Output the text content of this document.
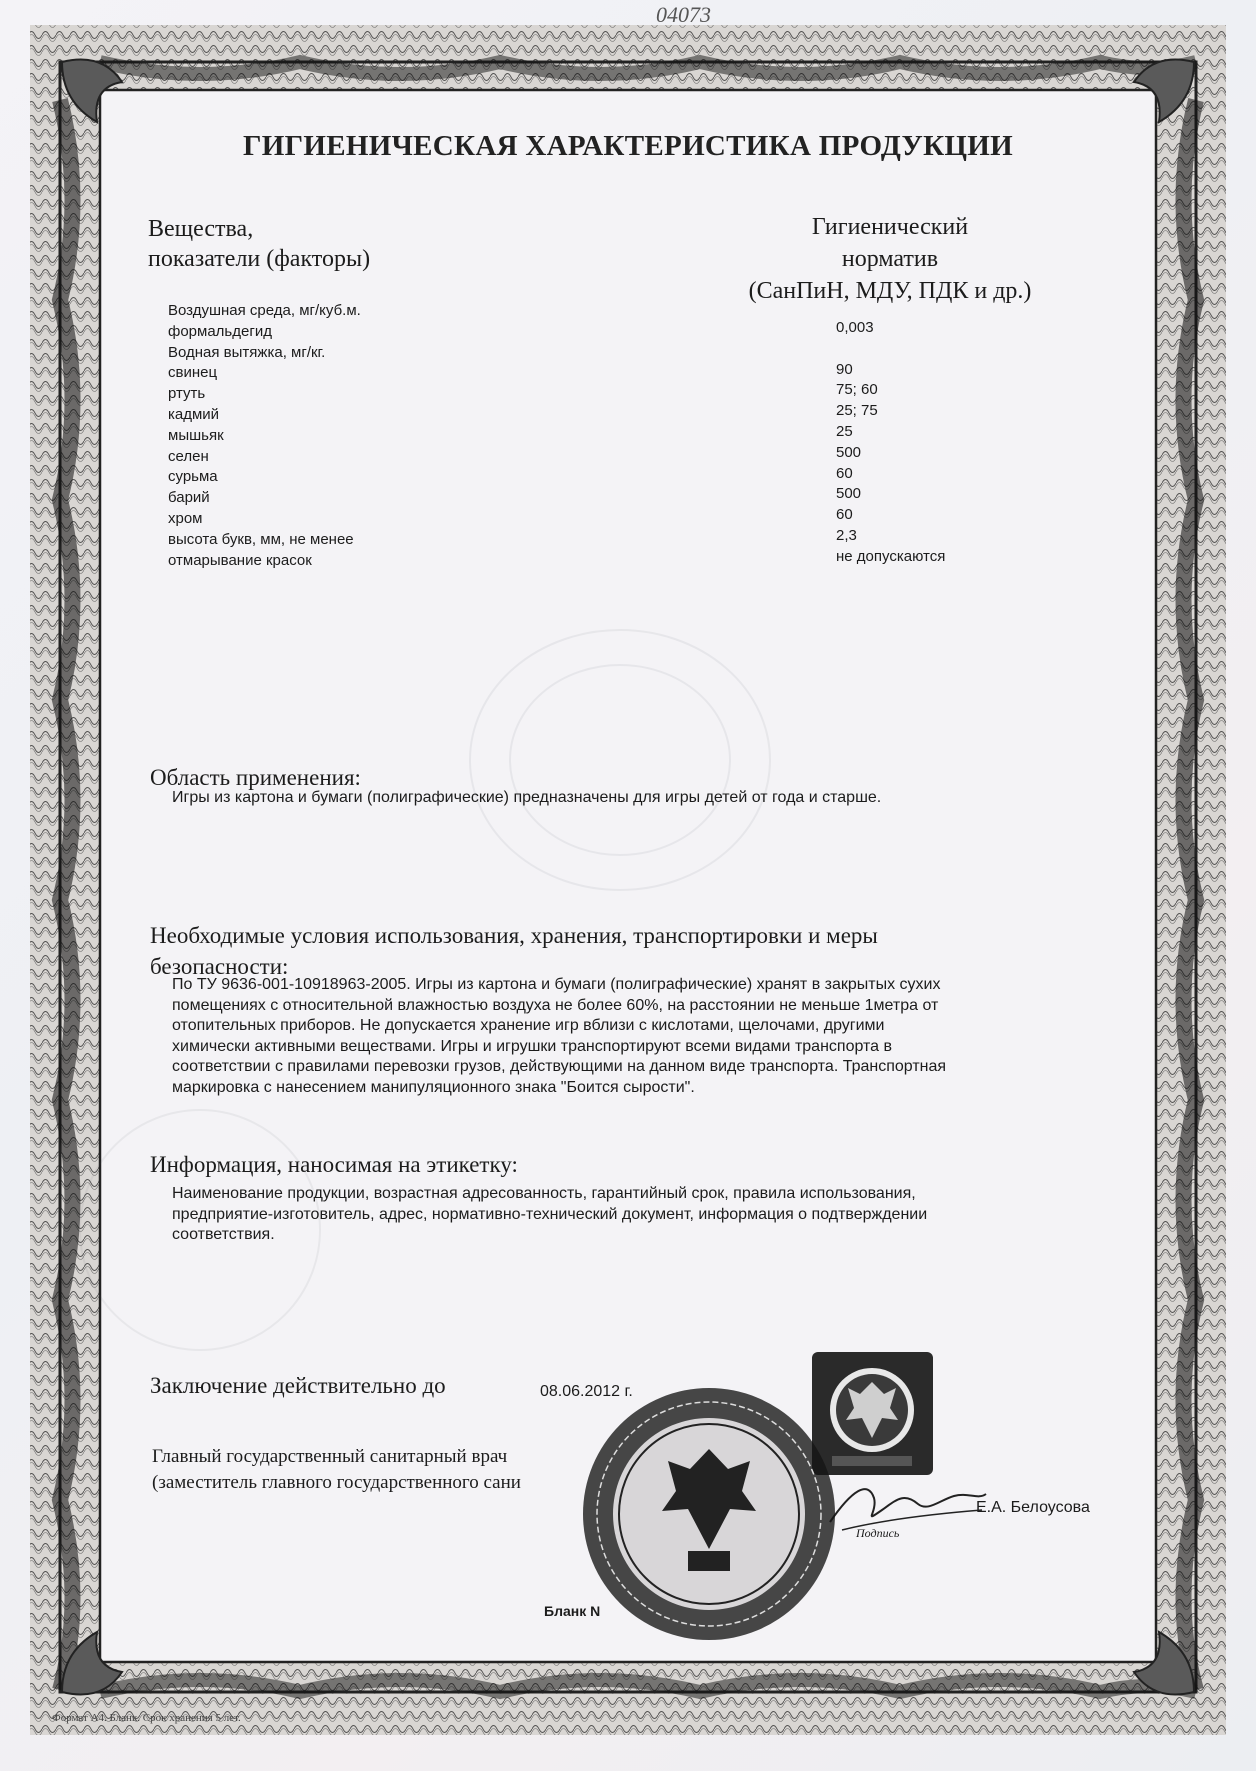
04073
ГИГИЕНИЧЕСКАЯ ХАРАКТЕРИСТИКА ПРОДУКЦИИ
Вещества,
показатели (факторы)
Гигиенический
норматив
(СанПиН, МДУ, ПДК и др.)
Воздушная среда, мг/куб.м.
формальдегид
Водная вытяжка, мг/кг.
свинец
ртуть
кадмий
мышьяк
селен
сурьма
барий
хром
высота букв, мм, не менее
отмарывание красок
0,003
90
75; 60
25; 75
25
500
60
500
60
2,3
не допускаются
Область применения:
Игры из картона и бумаги (полиграфические) предназначены для игры детей от года и старше.
Необходимые условия использования, хранения, транспортировки и меры
безопасности:
По ТУ 9636-001-10918963-2005. Игры из картона и бумаги (полиграфические) хранят в закрытых сухих
помещениях с относительной влажностью воздуха не более 60%, на расстоянии не меньше 1метра от
отопительных приборов. Не допускается хранение игр вблизи с кислотами, щелочами, другими
химически активными веществами. Игры и игрушки транспортируют всеми видами транспорта в
соответствии с правилами перевозки грузов, действующими на данном виде транспорта. Транспортная
маркировка с нанесением манипуляционного знака "Боится сырости".
Информация, наносимая на этикетку:
Наименование продукции, возрастная адресованность, гарантийный срок, правила использования,
предприятие-изготовитель, адрес, нормативно-технический документ, информация о подтверждении
соответствия.
Заключение действительно до	08.06.2012 г.
Главный государственный санитарный врач
(заместитель главного государственного сани
Е.А. Белоусова
Подпись
Бланк N
Формат А4. Бланк. Срок хранения 5 лет.
